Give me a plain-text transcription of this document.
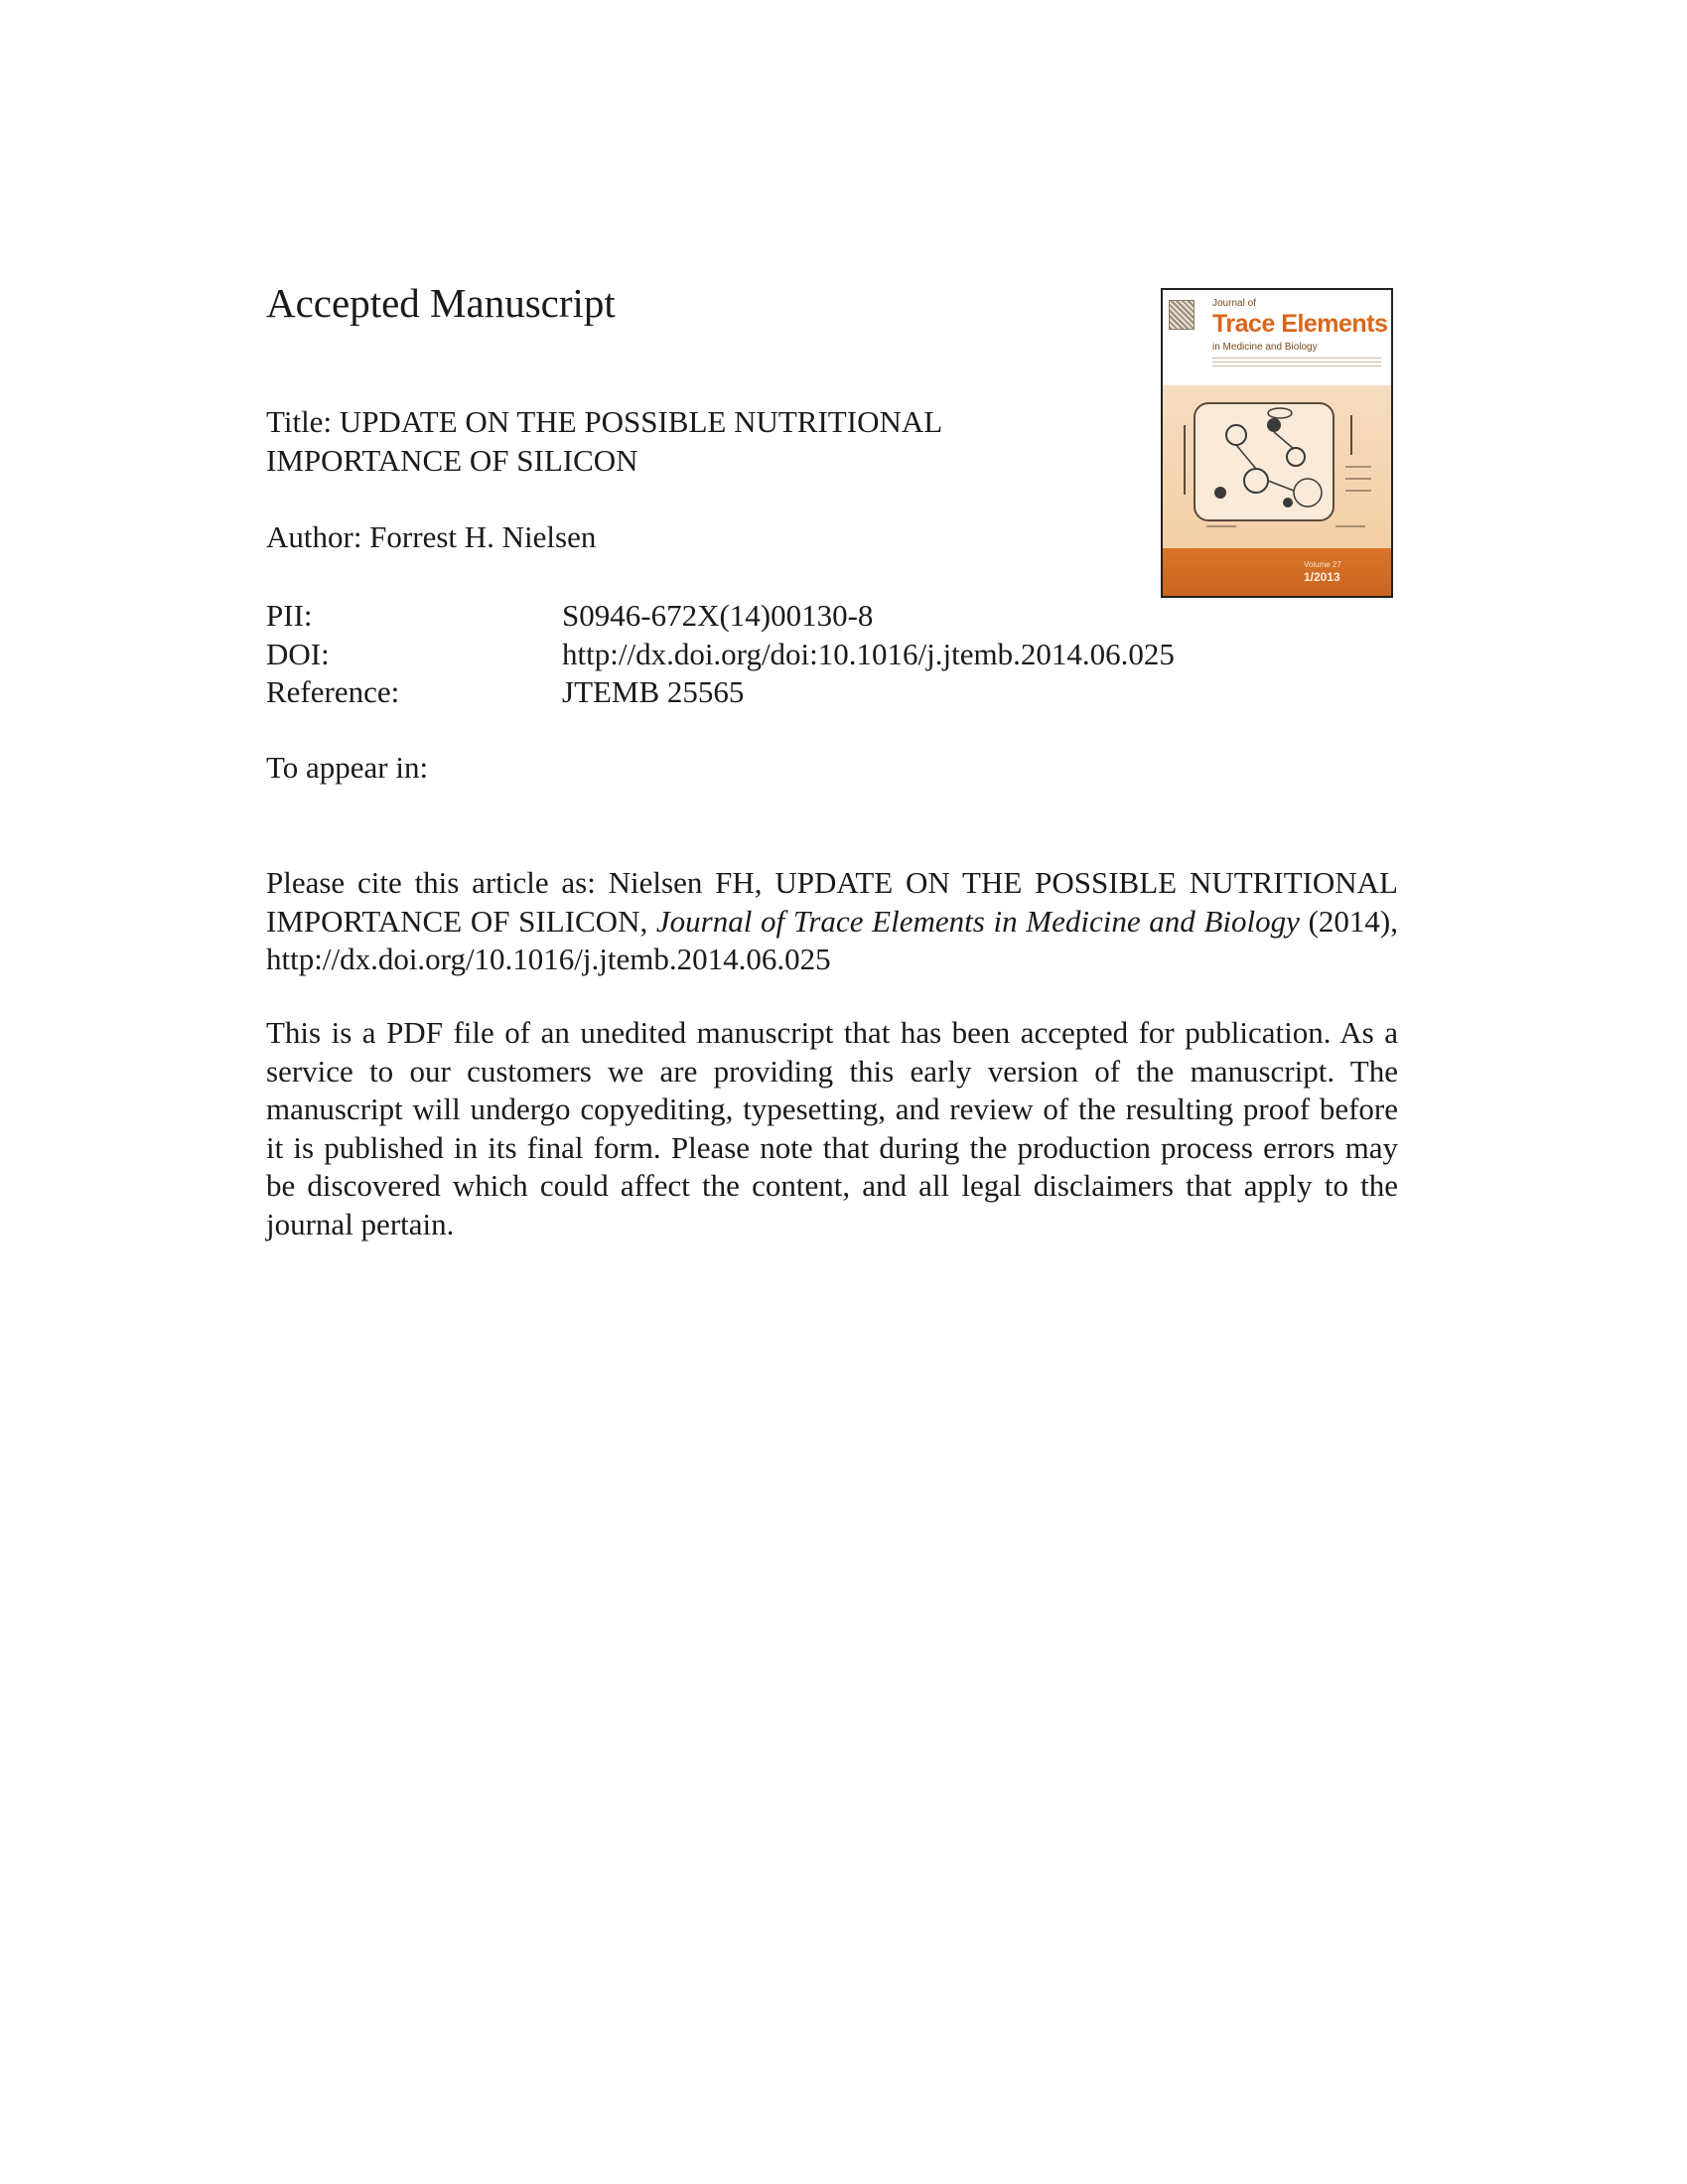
Accepted Manuscript
Title: UPDATE ON THE POSSIBLE NUTRITIONAL
IMPORTANCE OF SILICON
Author: Forrest H. Nielsen
PII:	S0946-672X(14)00130-8
DOI:	http://dx.doi.org/doi:10.1016/j.jtemb.2014.06.025
Reference:	JTEMB 25565
To appear in:
Please cite this article as: Nielsen FH, UPDATE ON THE POSSIBLE NUTRITIONAL IMPORTANCE OF SILICON, Journal of Trace Elements in Medicine and Biology (2014), http://dx.doi.org/10.1016/j.jtemb.2014.06.025
This is a PDF file of an unedited manuscript that has been accepted for publication. As a service to our customers we are providing this early version of the manuscript. The manuscript will undergo copyediting, typesetting, and review of the resulting proof before it is published in its final form. Please note that during the production process errors may be discovered which could affect the content, and all legal disclaimers that apply to the journal pertain.
Journal of
Trace Elements
in Medicine and Biology
Volume 27
1/2013
